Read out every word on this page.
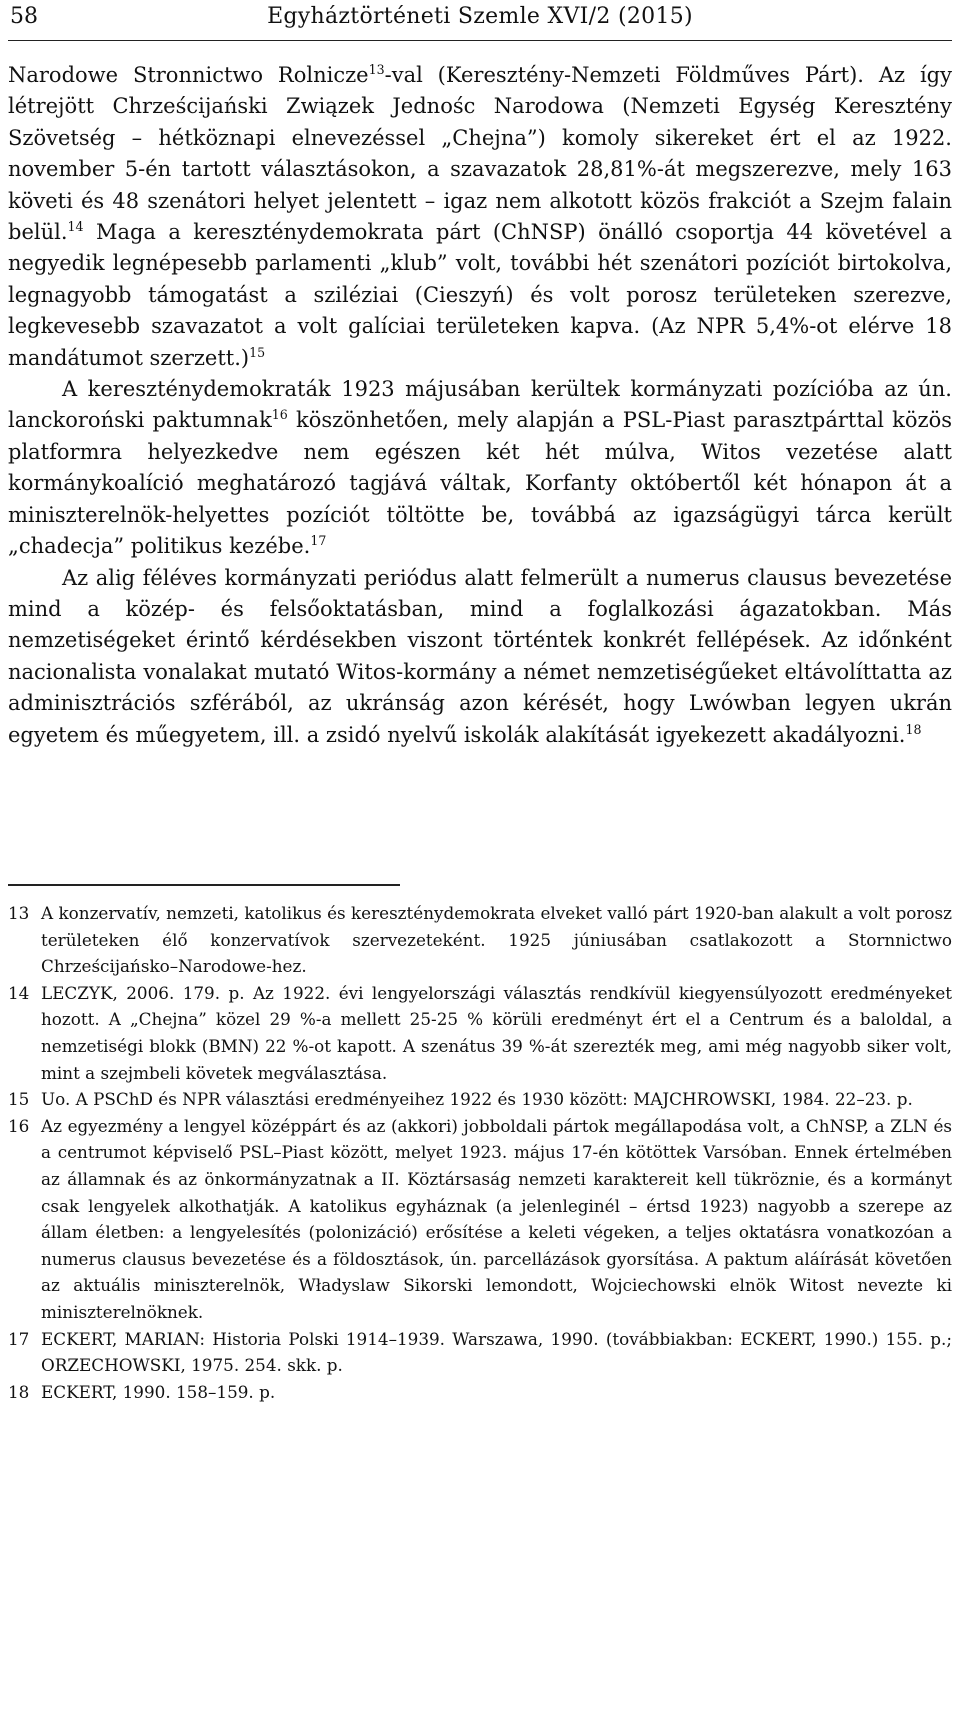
58	Egyháztörténeti Szemle XVI/2 (2015)

Narodowe Stronnictwo Rolnicze$^{13}$-val (Keresztény-Nemzeti Földműves Párt). Az így létrejött Chrześcijański Związek Jednośc Narodowa (Nemzeti Egység Keresztény Szövetség – hétköznapi elnevezéssel „Chejna”) komoly sikereket ért el az 1922. november 5-én tartott választásokon, a szavazatok 28,81%-át megszerezve, mely 163 követi és 48 szenátori helyet jelentett – igaz nem alkotott közös frakciót a Szejm falain belül.$^{14}$ Maga a kereszténydemokrata párt (ChNSP) önálló csoportja 44 követével a negyedik legnépesebb parlamenti „klub” volt, további hét szenátori pozíciót birtokolva, legnagyobb támogatást a sziléziai (Cieszyń) és volt porosz területeken szerezve, legkevesebb szavazatot a volt galíciai területeken kapva. (Az NPR 5,4%-ot elérve 18 mandátumot szerzett.)$^{15}$

A kereszténydemokraták 1923 májusában kerültek kormányzati pozícióba az ún. lanckoroński paktumnak$^{16}$ köszönhetően, mely alapján a PSL-Piast parasztpárttal közös platformra helyezkedve nem egészen két hét múlva, Witos vezetése alatt kormánykoalíció meghatározó tagjává váltak, Korfanty októbertől két hónapon át a miniszterelnök-helyettes pozíciót töltötte be, továbbá az igazságügyi tárca került „chadecja” politikus kezébe.$^{17}$

Az alig féléves kormányzati periódus alatt felmerült a numerus clausus bevezetése mind a közép- és felsőoktatásban, mind a foglalkozási ágazatokban. Más nemzetiségeket érintő kérdésekben viszont történtek konkrét fellépések. Az időnként nacionalista vonalakat mutató Witos-kormány a német nemzetiségűeket eltávolíttatta az adminisztrációs szférából, az ukránság azon kérését, hogy Lwówban legyen ukrán egyetem és műegyetem, ill. a zsidó nyelvű iskolák alakítását igyekezett akadályozni.$^{18}$

13 A konzervatív, nemzeti, katolikus és kereszténydemokrata elveket valló párt 1920-ban alakult a volt porosz területeken élő konzervatívok szervezeteként. 1925 júniusában csatlakozott a Stornnictwo Chrześcijańsko–Narodowe-hez.
14 LECZYK, 2006. 179. p. Az 1922. évi lengyelországi választás rendkívül kiegyensúlyozott eredményeket hozott. A „Chejna” közel 29 %-a mellett 25-25 % körüli eredményt ért el a Centrum és a baloldal, a nemzetiségi blokk (BMN) 22 %-ot kapott. A szenátus 39 %-át szerezték meg, ami még nagyobb siker volt, mint a szejmbeli követek megválasztása.
15 Uo. A PSChD és NPR választási eredményeihez 1922 és 1930 között: MAJCHROWSKI, 1984. 22–23. p.
16 Az egyezmény a lengyel középpárt és az (akkori) jobboldali pártok megállapodása volt, a ChNSP, a ZLN és a centrumot képviselő PSL–Piast között, melyet 1923. május 17-én kötöttek Varsóban. Ennek értelmében az államnak és az önkormányzatnak a II. Köztársaság nemzeti karaktereit kell tükröznie, és a kormányt csak lengyelek alkothatják. A katolikus egyháznak (a jelenleginél – értsd 1923) nagyobb a szerepe az állam életben: a lengyelesítés (polonizáció) erősítése a keleti végeken, a teljes oktatásra vonatkozóan a numerus clausus bevezetése és a földosztások, ún. parcellázások gyorsítása. A paktum aláírását követően az aktuális miniszterelnök, Władyslaw Sikorski lemondott, Wojciechowski elnök Witost nevezte ki miniszterelnöknek.
17 ECKERT, MARIAN: Historia Polski 1914–1939. Warszawa, 1990. (továbbiakban: ECKERT, 1990.) 155. p.; ORZECHOWSKI, 1975. 254. skk. p.
18 ECKERT, 1990. 158–159. p.
